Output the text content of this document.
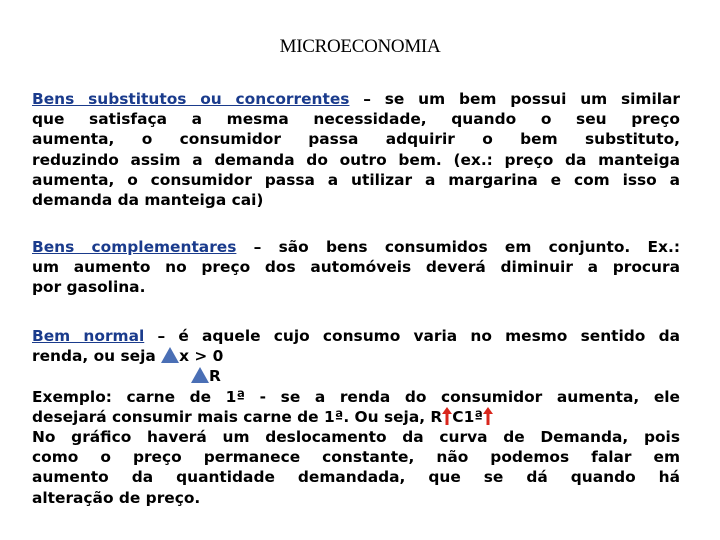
MICROECONOMIA
Bens substitutos ou concorrentes – se um bem possui um similar
que satisfaça a mesma necessidade, quando o seu preço
aumenta, o consumidor passa adquirir o bem substituto,
reduzindo assim a demanda do outro bem. (ex.: preço da manteiga
aumenta, o consumidor passa a utilizar a margarina e com isso a
demanda da manteiga cai)
Bens complementares – são bens consumidos em conjunto. Ex.:
um aumento no preço dos automóveis deverá diminuir a procura
por gasolina.
Bem normal – é aquele cujo consumo varia no mesmo sentido da
renda, ou seja x > 0
R
Exemplo: carne de 1ª - se a renda do consumidor aumenta, ele
desejará consumir mais carne de 1ª. Ou seja, R C1ª
No gráfico haverá um deslocamento da curva de Demanda, pois
como o preço permanece constante, não podemos falar em
aumento da quantidade demandada, que se dá quando há
alteração de preço.
